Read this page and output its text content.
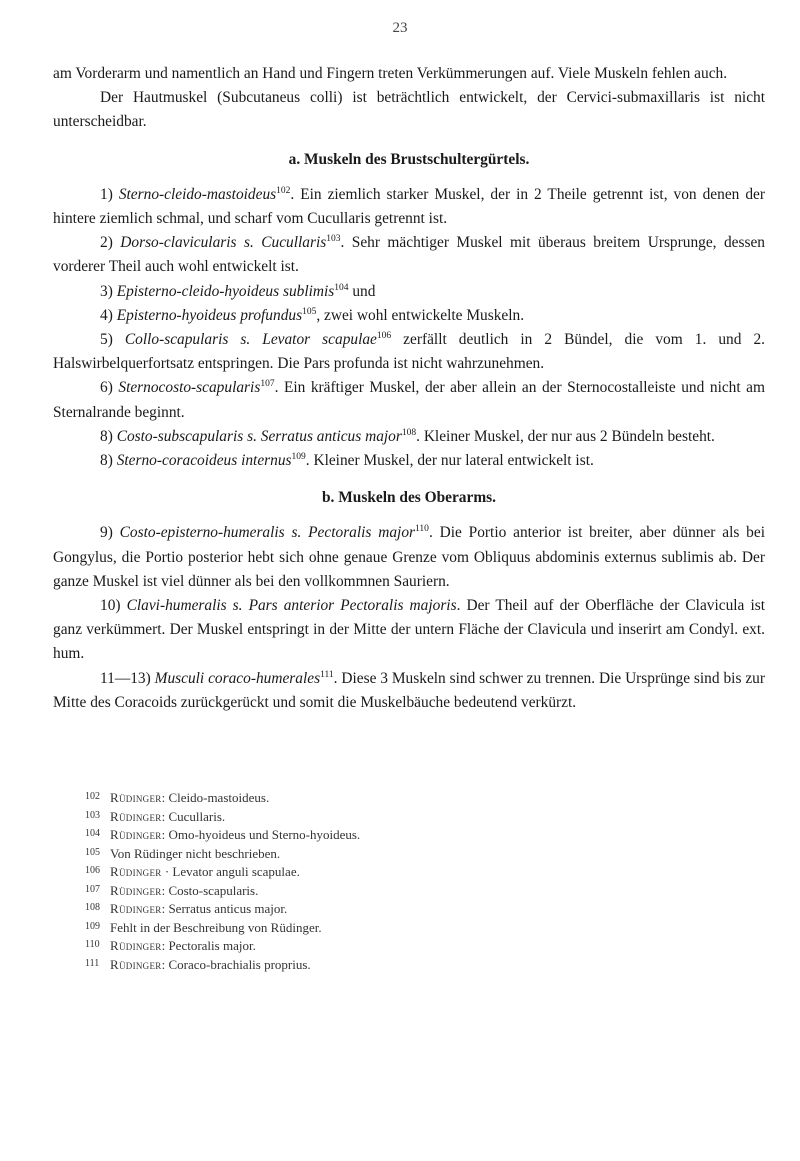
23

am Vorderarm und namentlich an Hand und Fingern treten Verkümmerungen auf. Viele Muskeln fehlen auch.

Der Hautmuskel (Subcutaneus colli) ist beträchtlich entwickelt, der Cervici-submaxillaris ist nicht unterscheidbar.

a. Muskeln des Brustschultergürtels.

1) Sterno-cleido-mastoideus$^{102}$. Ein ziemlich starker Muskel, der in 2 Theile getrennt ist, von denen der hintere ziemlich schmal, und scharf vom Cucullaris getrennt ist.

2) Dorso-clavicularis s. Cucullaris$^{103}$. Sehr mächtiger Muskel mit überaus breitem Ursprunge, dessen vorderer Theil auch wohl entwickelt ist.

3) Episterno-cleido-hyoideus sublimis$^{104}$ und

4) Episterno-hyoideus profundus$^{105}$, zwei wohl entwickelte Muskeln.

5) Collo-scapularis s. Levator scapulae$^{106}$ zerfällt deutlich in 2 Bündel, die vom 1. und 2. Halswirbelquerfortsatz entspringen. Die Pars profunda ist nicht wahrzunehmen.

6) Sternocosto-scapularis$^{107}$. Ein kräftiger Muskel, der aber allein an der Sternocostalleiste und nicht am Sternalrande beginnt.

8) Costo-subscapularis s. Serratus anticus major$^{108}$. Kleiner Muskel, der nur aus 2 Bündeln besteht.

8) Sterno-coracoideus internus$^{109}$. Kleiner Muskel, der nur lateral entwickelt ist.

b. Muskeln des Oberarms.

9) Costo-episterno-humeralis s. Pectoralis major$^{110}$. Die Portio anterior ist breiter, aber dünner als bei Gongylus, die Portio posterior hebt sich ohne genaue Grenze vom Obliquus abdominis externus sublimis ab. Der ganze Muskel ist viel dünner als bei den vollkommnen Sauriern.

10) Clavi-humeralis s. Pars anterior Pectoralis majoris. Der Theil auf der Oberfläche der Clavicula ist ganz verkümmert. Der Muskel entspringt in der Mitte der untern Fläche der Clavicula und inserirt am Condyl. ext. hum.

11—13) Musculi coraco-humerales$^{111}$. Diese 3 Muskeln sind schwer zu trennen. Die Ursprünge sind bis zur Mitte des Coracoids zurückgerückt und somit die Muskelbäuche bedeutend verkürzt.

102 Rüdinger: Cleido-mastoideus.

103 Rüdinger: Cucullaris.

104 Rüdinger: Omo-hyoideus und Sterno-hyoideus.

105 Von Rüdinger nicht beschrieben.

106 Rüdinger · Levator anguli scapulae.

107 Rüdinger: Costo-scapularis.

108 Rüdinger: Serratus anticus major.

109 Fehlt in der Beschreibung von Rüdinger.

110 Rüdinger: Pectoralis major.

111 Rüdinger: Coraco-brachialis proprius.
